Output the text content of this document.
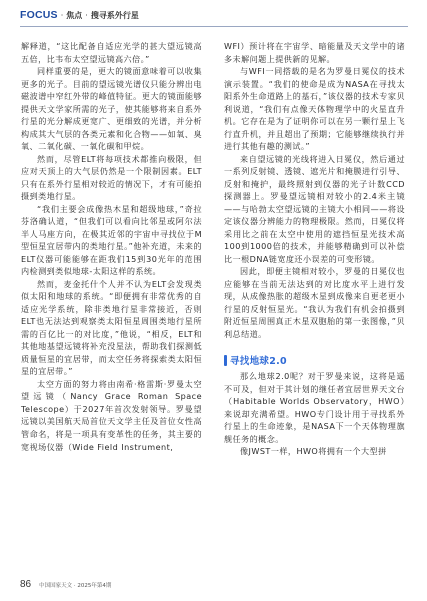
FOCUS · 焦点 · 搜寻系外行星

解释道，“这比配备自适应光学的甚大望远镜高五倍，比韦布太空望远镜高六倍。”

同样重要的是，更大的镜面意味着可以收集更多的光子。目前的望远镜光谱仪只能分辨出电磁波谱中窄红外带的峰值特征。更大的镜面能够提供天文学家所需的光子，使其能够将来自系外行星的光分解成更宽广、更细致的光谱，并分析构成其大气层的各类元素和化合物——如氧、臭氧、二氧化碳、一氧化碳和甲烷。

然而，尽管ELT将每项技术都推向极限，但应对天顶上的大气层仍然是一个限制因素。ELT只有在系外行星相对较近的情况下，才有可能拍摄到类地行星。

“我们主要会成像热木星和超级地球，”奇拉芬洛确认道，“但我们可以看向比邻星或阿尔法半人马座方向，在极其近邻的宇宙中寻找位于M型恒星宜居带内的类地行星。”他补充道，未来的ELT仪器可能能够在距我们15到30光年的范围内检测到类似地球-太阳这样的系统。

然而，麦金托什个人并不认为ELT会发现类似太阳和地球的系统。“即便拥有非常优秀的自适应光学系统，除非类地行星非常接近，否则ELT也无法达到观察类太阳恒星周围类地行星所需的百亿比一的对比度，”他说，“相反，ELT和其他地基望远镜将补充没星法，帮助我们探测低质量恒星的宜居带，而太空任务将探索类太阳恒星的宜居带。”

太空方面的努力将由南希·格雷斯·罗曼太空望远镜（Nancy Grace Roman Space Telescope）于2027年首次发射领导。罗曼望远镜以美国航天局首位天文学主任及首位女性高管命名，将是一项具有变革性的任务，其主要的宽视场仪器（Wide Field Instrument,

WFI）预计将在宇宙学、暗能量及天文学中的诸多未解问题上提供新的见解。

与WFI一同搭载的是名为罗曼日冕仪的技术演示装置。“我们的使命是成为NASA在寻找太阳系外生命道路上的基石，”该仪器的技术专家贝利说道，“我们有点像天体物理学中的火星直升机。它存在是为了证明你可以在另一颗行星上飞行直升机，并且超出了预期；它能够继续执行并进行其他有趣的测试。”

来自望远镜的光线将进入日冕仪，然后通过一系列反射镜、透镜、遮光片和掩膜进行引导、反射和掩护，最终照射到仪器的光子计数CCD探测器上。罗曼望远镜相对较小的2.4米主镜——与哈勃太空望远镜的主镜大小相同——将设定该仪器分辨能力的物理极限。然而，日冕仪将采用比之前在太空中使用的遮挡恒星光技术高100到1000倍的技术，并能够精确到可以补偿比一根DNA链宽度还小误差的可变形镜。

因此，即便主镜相对较小，罗曼的日冕仪也应能够在当前无法达到的对比度水平上进行发现，从成像热胀的超级木星到成像来自更老更小行星的反射恒星光。“我认为我们有机会拍摄到附近恒星周围真正木星双胞胎的第一张图像，”贝利总结道。

寻找地球2.0

那么地球2.0呢？对于罗曼来说，这将是遥不可及，但对于其计划的继任者宜居世界天文台（Habitable Worlds Observatory，HWO）来说却充满希望。HWO专门设计用于寻找系外行星上的生命迹象，是NASA下一个天体物理旗舰任务的概念。

像JWST一样，HWO将拥有一个大型拼

86 中国国家天文 · 2025年第4期
